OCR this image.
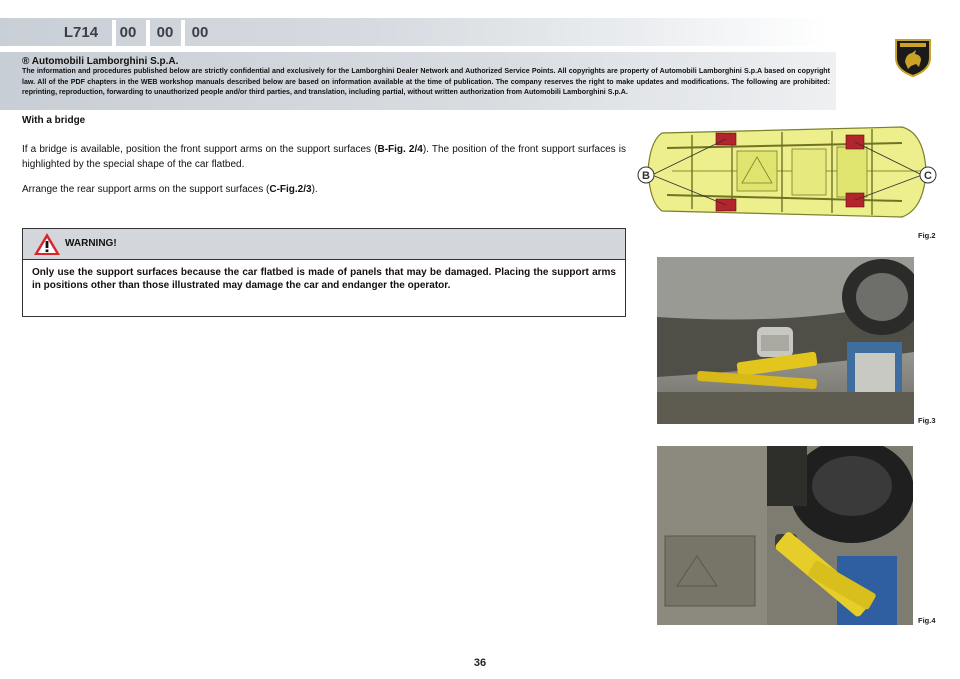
L714	00	00	00
® Automobili Lamborghini S.p.A.
The information and procedures published below are strictly confidential and exclusively for the Lamborghini Dealer Network and Authorized Service Points. All copyrights are property of Automobili Lamborghini S.p.A based on copyright law. All of the PDF chapters in the WEB workshop manuals described below are based on information available at the time of publication. The company reserves the right to make updates and modifications. The following are prohibited: reprinting, reproduction, forwarding to unauthorized people and/or third parties, and translation, including partial, without written authorization from Automobili Lamborghini S.p.A.
With a bridge
If a bridge is available, position the front support arms on the support surfaces (B-Fig. 2/4). The position of the front support surfaces is highlighted by the special shape of the car flatbed.
Arrange the rear support arms on the support surfaces (C-Fig.2/3).
WARNING!
Only use the support surfaces because the car flatbed is made of panels that may be damaged. Placing the support arms in positions other than those illustrated may damage the car and endanger the operator.
B	C
Fig.2
Fig.3
Fig.4
36
